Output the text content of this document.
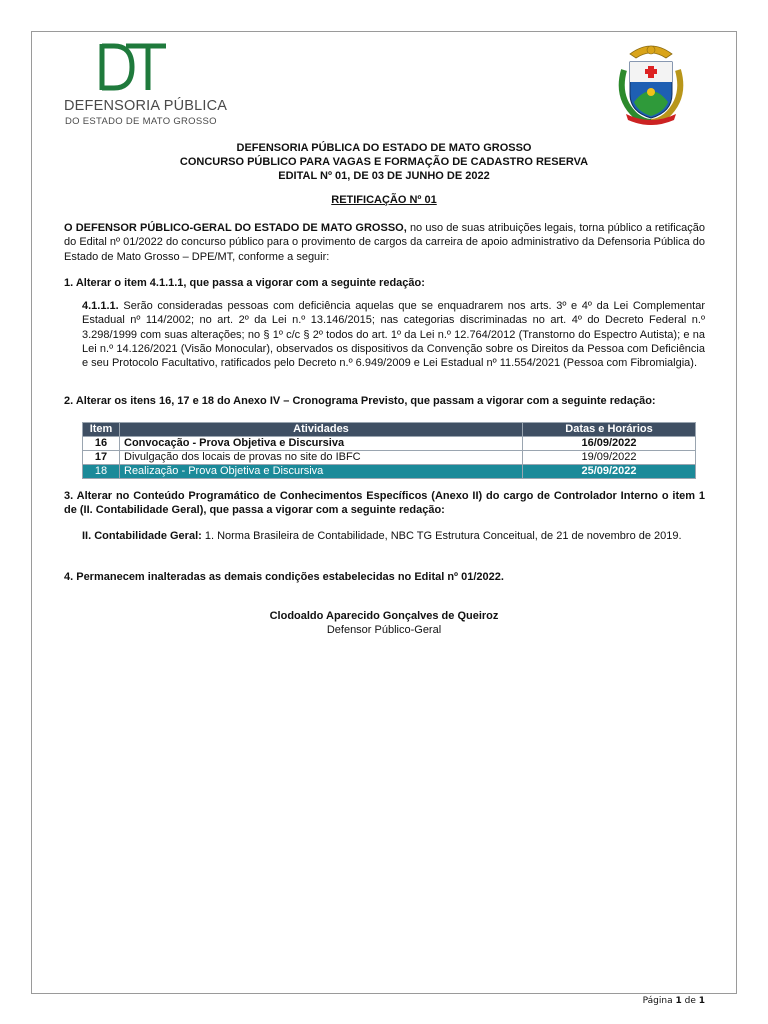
DEFENSORIA PÚBLICA
DO ESTADO DE MATO GROSSO
DEFENSORIA PÚBLICA DO ESTADO DE MATO GROSSO
CONCURSO PÚBLICO PARA VAGAS E FORMAÇÃO DE CADASTRO RESERVA
EDITAL Nº 01, DE 03 DE JUNHO DE 2022
RETIFICAÇÃO Nº 01
O DEFENSOR PÚBLICO-GERAL DO ESTADO DE MATO GROSSO, no uso de suas atribuições legais, torna público a retificação do Edital nº 01/2022 do concurso público para o provimento de cargos da carreira de apoio administrativo da Defensoria Pública do Estado de Mato Grosso – DPE/MT, conforme a seguir:
1. Alterar o item 4.1.1.1, que passa a vigorar com a seguinte redação:
4.1.1.1. Serão consideradas pessoas com deficiência aquelas que se enquadrarem nos arts. 3º e 4º da Lei Complementar Estadual nº 114/2002; no art. 2º da Lei n.º 13.146/2015; nas categorias discriminadas no art. 4º do Decreto Federal n.º 3.298/1999 com suas alterações; no § 1º c/c § 2º todos do art. 1º da Lei n.º 12.764/2012 (Transtorno do Espectro Autista); e na Lei n.º 14.126/2021 (Visão Monocular), observados os dispositivos da Convenção sobre os Direitos da Pessoa com Deficiência e seu Protocolo Facultativo, ratificados pelo Decreto n.º 6.949/2009 e Lei Estadual nº 11.554/2021 (Pessoa com Fibromialgia).
2. Alterar os itens 16, 17 e 18 do Anexo IV – Cronograma Previsto, que passam a vigorar com a seguinte redação:
Item	Atividades	Datas e Horários
16	Convocação - Prova Objetiva e Discursiva	16/09/2022
17	Divulgação dos locais de provas no site do IBFC	19/09/2022
18	Realização - Prova Objetiva e Discursiva	25/09/2022
3. Alterar no Conteúdo Programático de Conhecimentos Específicos (Anexo II) do cargo de Controlador Interno o item 1 de (II. Contabilidade Geral), que passa a vigorar com a seguinte redação:
II. Contabilidade Geral: 1. Norma Brasileira de Contabilidade, NBC TG Estrutura Conceitual, de 21 de novembro de 2019.
4. Permanecem inalteradas as demais condições estabelecidas no Edital nº 01/2022.
Clodoaldo Aparecido Gonçalves de Queiroz
Defensor Público-Geral
Página 1 de 1
